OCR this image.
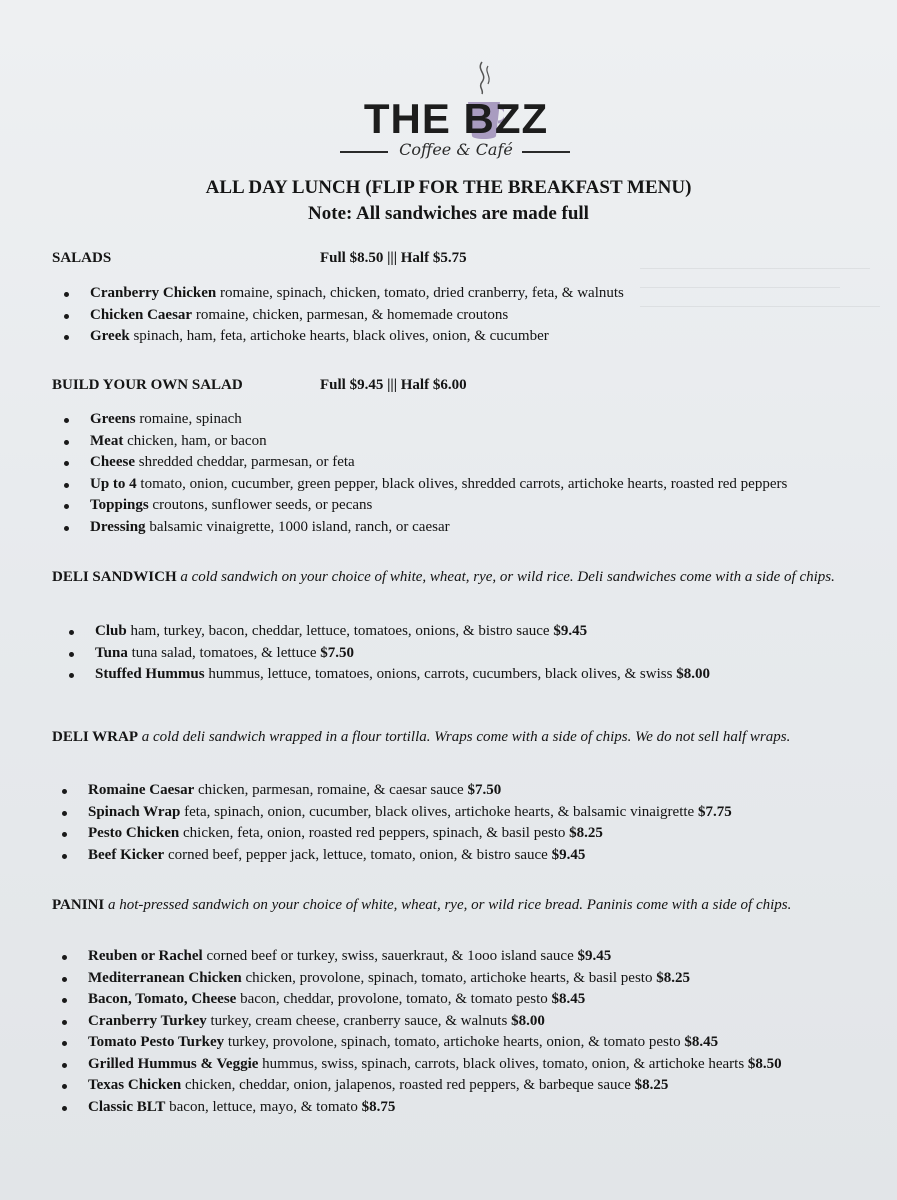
THE BZZ
Coffee & Café
ALL DAY LUNCH (FLIP FOR THE BREAKFAST MENU)
Note: All sandwiches are made full
SALADS	Full $8.50 ||| Half $5.75
Cranberry Chicken romaine, spinach, chicken, tomato, dried cranberry, feta, & walnuts
Chicken Caesar romaine, chicken, parmesan, & homemade croutons
Greek spinach, ham, feta, artichoke hearts, black olives, onion, & cucumber
BUILD YOUR OWN SALAD	Full $9.45 ||| Half $6.00
Greens romaine, spinach
Meat chicken, ham, or bacon
Cheese shredded cheddar, parmesan, or feta
Up to 4 tomato, onion, cucumber, green pepper, black olives, shredded carrots, artichoke hearts, roasted red peppers
Toppings croutons, sunflower seeds, or pecans
Dressing balsamic vinaigrette, 1000 island, ranch, or caesar
DELI SANDWICH a cold sandwich on your choice of white, wheat, rye, or wild rice. Deli sandwiches come with a side of chips.
Club ham, turkey, bacon, cheddar, lettuce, tomatoes, onions, & bistro sauce $9.45
Tuna tuna salad, tomatoes, & lettuce $7.50
Stuffed Hummus hummus, lettuce, tomatoes, onions, carrots, cucumbers, black olives, & swiss $8.00
DELI WRAP a cold deli sandwich wrapped in a flour tortilla. Wraps come with a side of chips. We do not sell half wraps.
Romaine Caesar chicken, parmesan, romaine, & caesar sauce $7.50
Spinach Wrap feta, spinach, onion, cucumber, black olives, artichoke hearts, & balsamic vinaigrette $7.75
Pesto Chicken chicken, feta, onion, roasted red peppers, spinach, & basil pesto $8.25
Beef Kicker corned beef, pepper jack, lettuce, tomato, onion, & bistro sauce $9.45
PANINI a hot-pressed sandwich on your choice of white, wheat, rye, or wild rice bread. Paninis come with a side of chips.
Reuben or Rachel corned beef or turkey, swiss, sauerkraut, & 1ooo island sauce $9.45
Mediterranean Chicken chicken, provolone, spinach, tomato, artichoke hearts, & basil pesto $8.25
Bacon, Tomato, Cheese bacon, cheddar, provolone, tomato, & tomato pesto $8.45
Cranberry Turkey turkey, cream cheese, cranberry sauce, & walnuts $8.00
Tomato Pesto Turkey turkey, provolone, spinach, tomato, artichoke hearts, onion, & tomato pesto $8.45
Grilled Hummus & Veggie hummus, swiss, spinach, carrots, black olives, tomato, onion, & artichoke hearts $8.50
Texas Chicken chicken, cheddar, onion, jalapenos, roasted red peppers, & barbeque sauce $8.25
Classic BLT bacon, lettuce, mayo, & tomato $8.75
